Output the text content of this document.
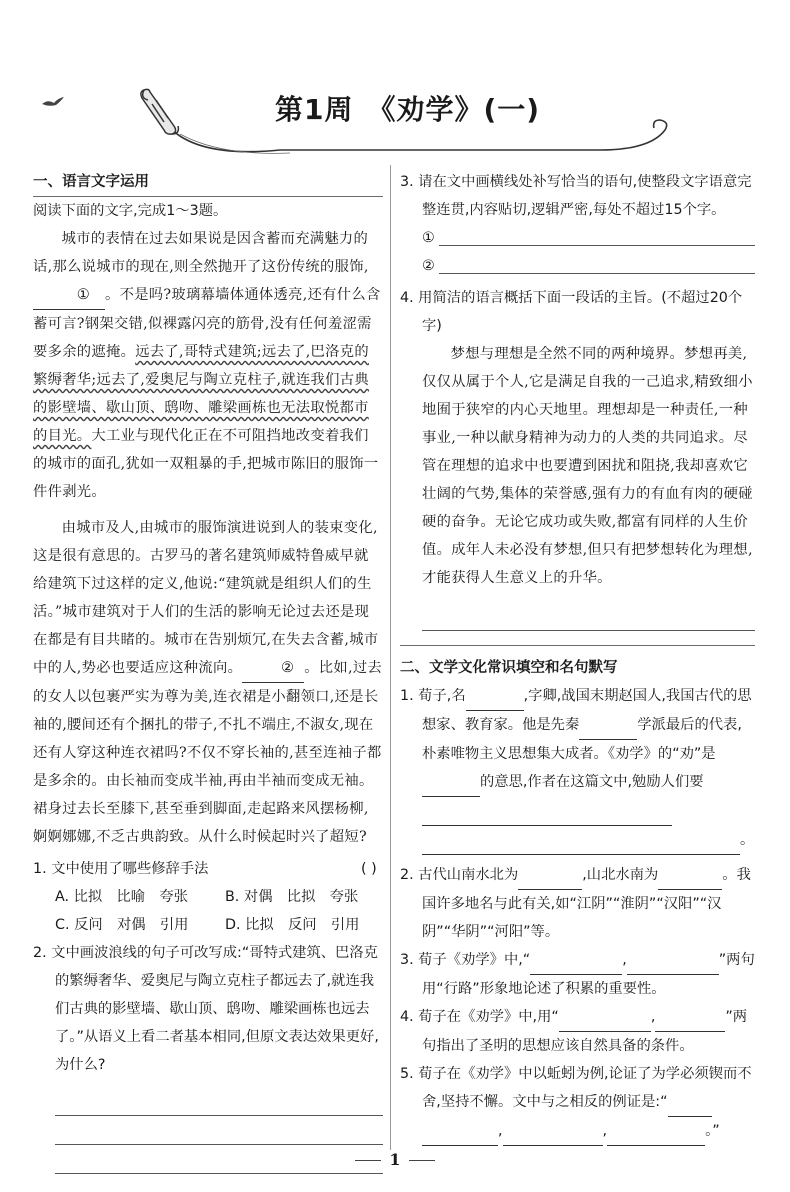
第1周 《劝学》(一)
一、语言文字运用

阅读下面的文字,完成1～3题。

城市的表情在过去如果说是因含蓄而充满魅力的话,那么说城市的现在,则全然抛开了这份传统的服饰,① 。不是吗?玻璃幕墙体通体透亮,还有什么含蓄可言?钢架交错,似裸露闪亮的筋骨,没有任何羞涩需要多余的遮掩。远去了,哥特式建筑;远去了,巴洛克的繁缛奢华;远去了,爱奥尼与陶立克柱子,就连我们古典的影壁墙、歇山顶、鸱吻、雕梁画栋也无法取悦都市的目光。大工业与现代化正在不可阻挡地改变着我们的城市的面孔,犹如一双粗暴的手,把城市陈旧的服饰一件件剥光。

由城市及人,由城市的服饰演进说到人的装束变化,这是很有意思的。古罗马的著名建筑师威特鲁威早就给建筑下过这样的定义,他说:“建筑就是组织人们的生活。”城市建筑对于人们的生活的影响无论过去还是现在都是有目共睹的。城市在告别烦冗,在失去含蓄,城市中的人,势必也要适应这种流向。	② 。比如,过去的女人以包裹严实为尊为美,连衣裙是小翻领口,还是长袖的,腰间还有个捆扎的带子,不扎不端庄,不淑女,现在还有人穿这种连衣裙吗?不仅不穿长袖的,甚至连袖子都是多余的。由长袖而变成半袖,再由半袖而变成无袖。裙身过去长至膝下,甚至垂到脚面,走起路来风摆杨柳,婀婀娜娜,不乏古典韵致。从什么时候起时兴了超短?

1. 文中使用了哪些修辞手法	( )
A. 比拟　比喻　夸张	B. 对偶　比拟　夸张
C. 反问　对偶　引用	D. 比拟　反问　引用
2. 文中画波浪线的句子可改写成:“哥特式建筑、巴洛克的繁缛奢华、爱奥尼与陶立克柱子都远去了,就连我们古典的影壁墙、歇山顶、鸱吻、雕梁画栋也远去了。”从语义上看二者基本相同,但原文表达效果更好,为什么?
3. 请在文中画横线处补写恰当的语句,使整段文字语意完整连贯,内容贴切,逻辑严密,每处不超过15个字。
①
②
4. 用简洁的语言概括下面一段话的主旨。(不超过20个字)

梦想与理想是全然不同的两种境界。梦想再美,仅仅从属于个人,它是满足自我的一己追求,精致细小地囿于狭窄的内心天地里。理想却是一种责任,一种事业,一种以献身精神为动力的人类的共同追求。尽管在理想的追求中也要遭到困扰和阻挠,我却喜欢它壮阔的气势,集体的荣誉感,强有力的有血有肉的硬碰硬的奋争。无论它成功或失败,都富有同样的人生价值。成年人未必没有梦想,但只有把梦想转化为理想,才能获得人生意义上的升华。

二、文学文化常识填空和名句默写
1. 荀子,名	,字卿,战国末期赵国人,我国古代的思想家、教育家。他是先秦	学派最后的代表,朴素唯物主义思想集大成者。《劝学》的“劝”是 的意思,作者在这篇文中,勉励人们要  。
2. 古代山南水北为	,山北水南为	。我国许多地名与此有关,如“江阴”“淮阴”“汉阳”“汉阴”“华阴”“河阳”等。
3. 荀子《劝学》中,“	,	”两句用“行路”形象地论述了积累的重要性。
4. 荀子在《劝学》中,用“	,	”两句指出了圣明的思想应该自然具备的条件。
5. 荀子在《劝学》中以蚯蚓为例,论证了为学必须锲而不舍,坚持不懈。文中与之相反的例证是:“  ,	,	。”
1
